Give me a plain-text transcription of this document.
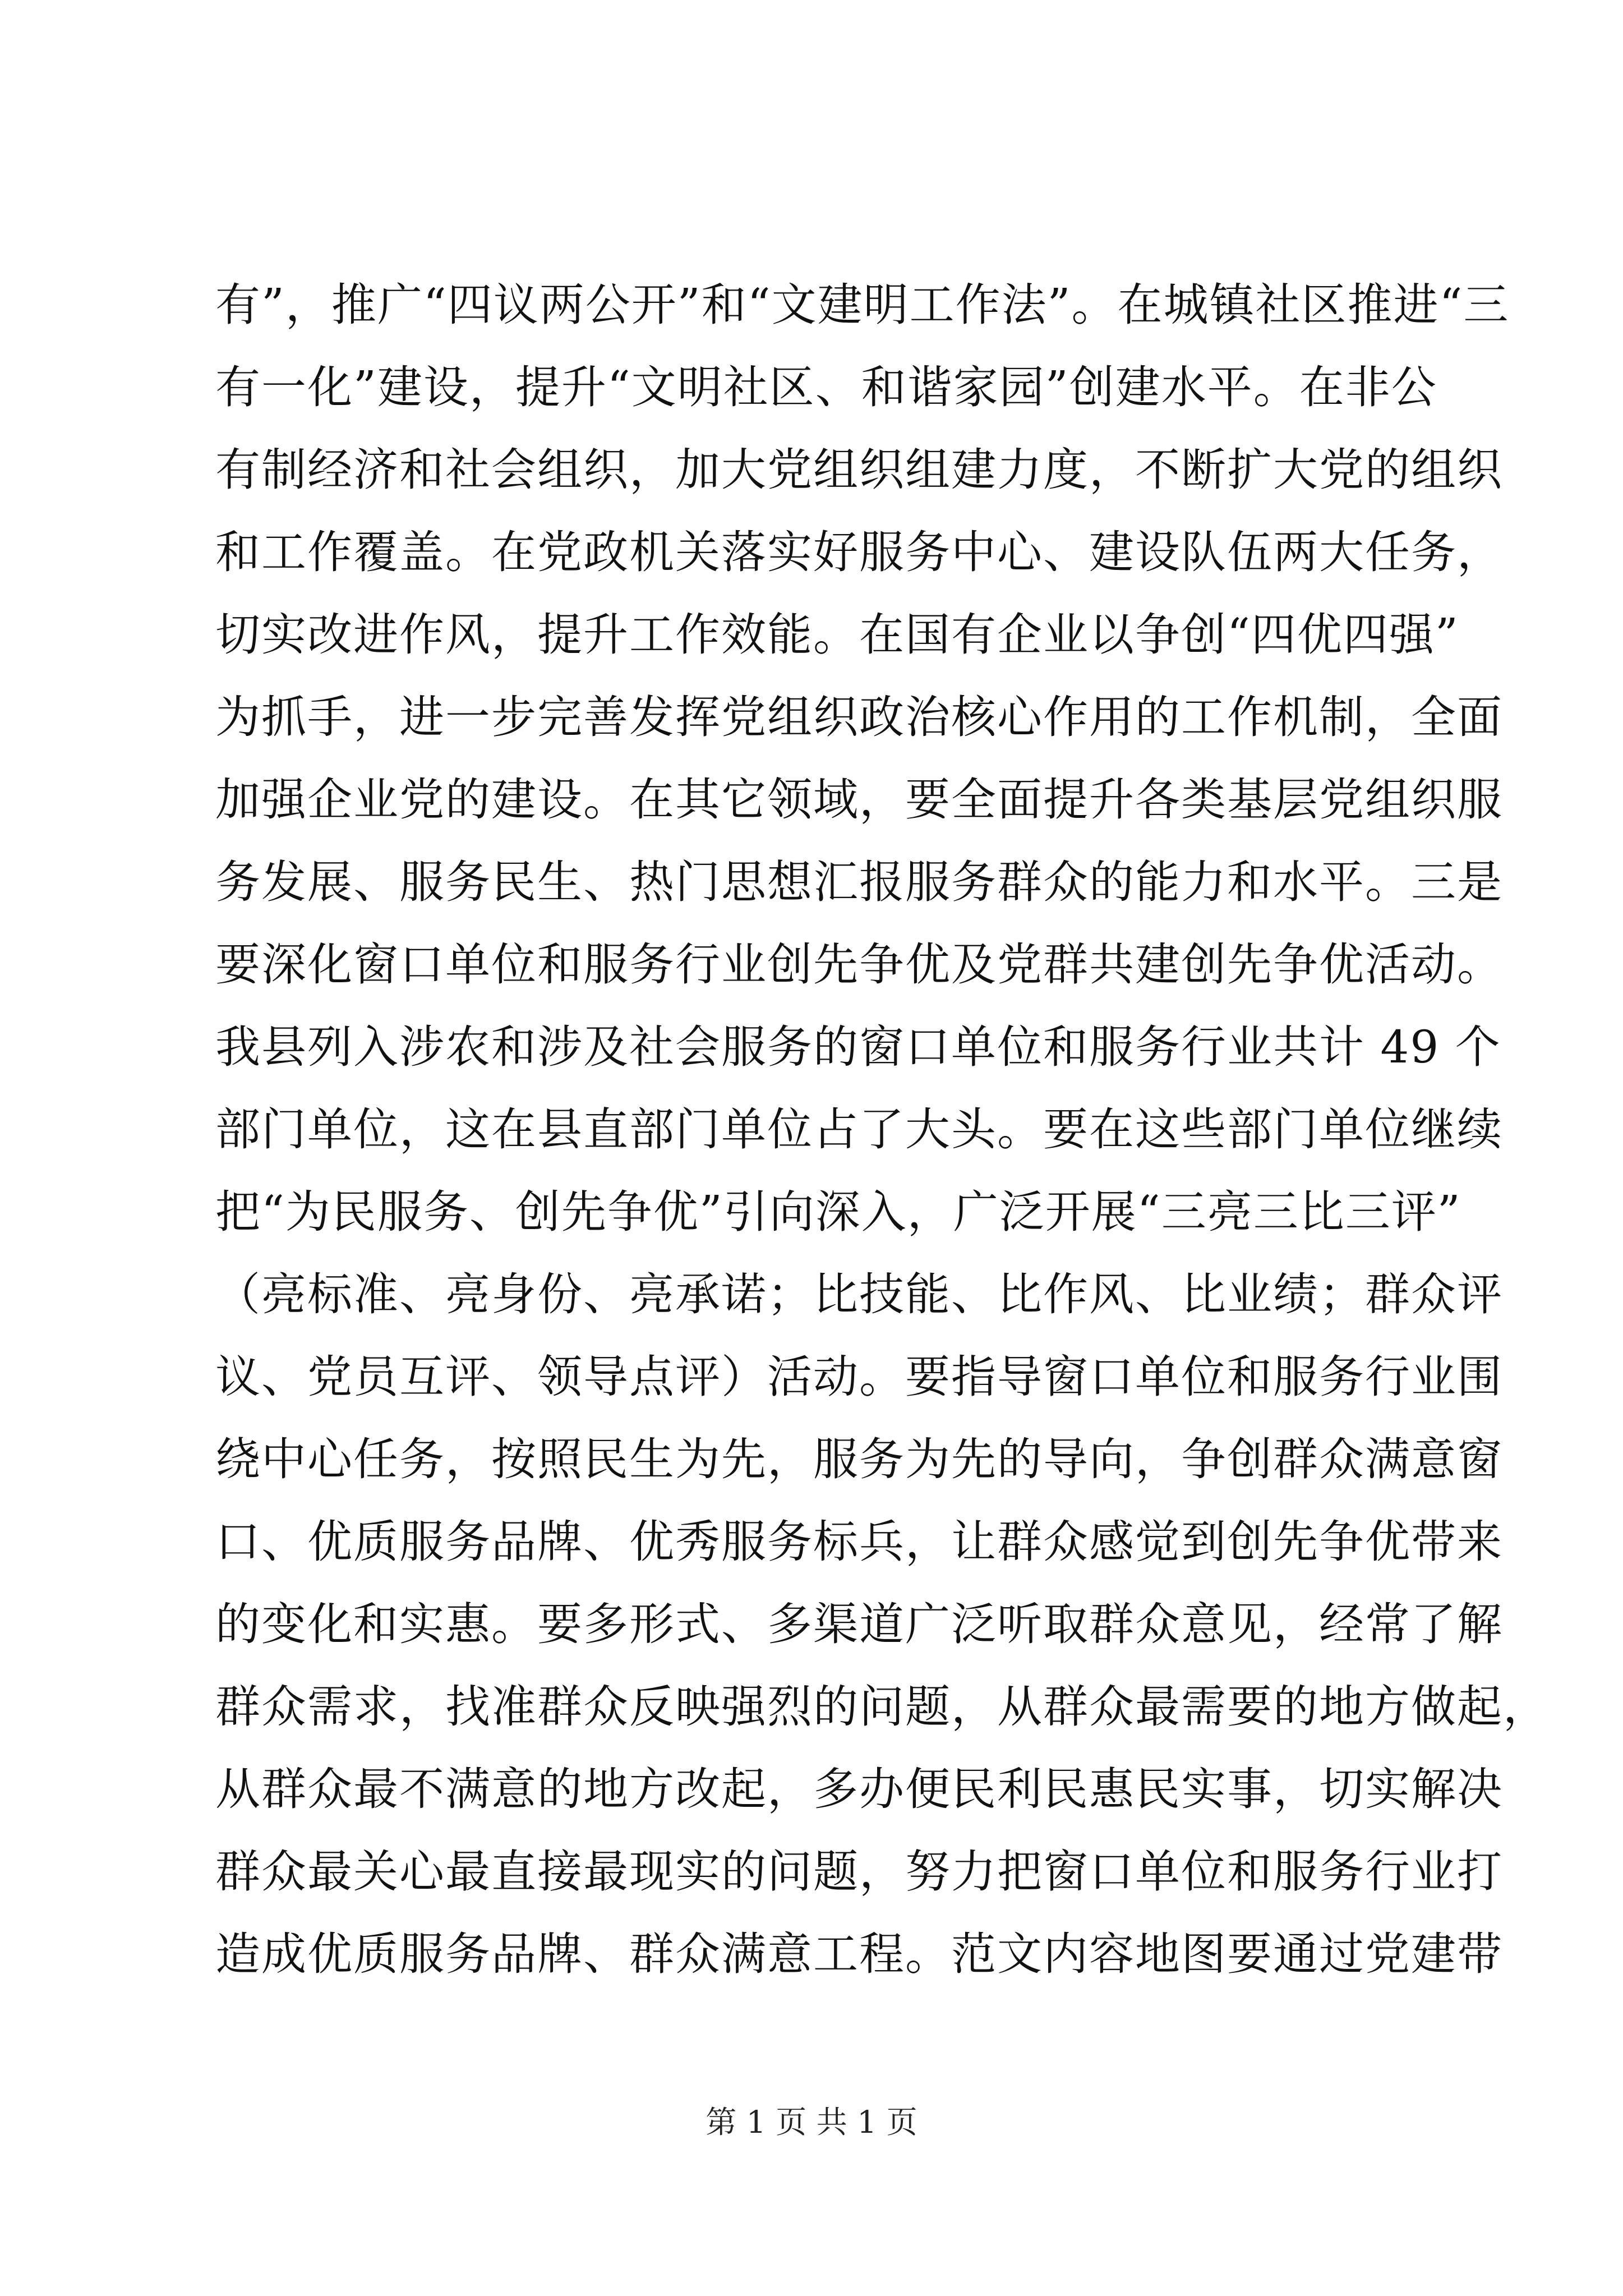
有”，推广“四议两公开”和“文建明工作法”。在城镇社区推进“三
有一化”建设，提升“文明社区、和谐家园”创建水平。在非公
有制经济和社会组织，加大党组织组建力度，不断扩大党的组织
和工作覆盖。在党政机关落实好服务中心、建设队伍两大任务，
切实改进作风，提升工作效能。在国有企业以争创“四优四强”
为抓手，进一步完善发挥党组织政治核心作用的工作机制，全面
加强企业党的建设。在其它领域，要全面提升各类基层党组织服
务发展、服务民生、热门思想汇报服务群众的能力和水平。三是
要深化窗口单位和服务行业创先争优及党群共建创先争优活动。
我县列入涉农和涉及社会服务的窗口单位和服务行业共计 49 个
部门单位，这在县直部门单位占了大头。要在这些部门单位继续
把“为民服务、创先争优”引向深入，广泛开展“三亮三比三评”
（亮标准、亮身份、亮承诺；比技能、比作风、比业绩；群众评
议、党员互评、领导点评）活动。要指导窗口单位和服务行业围
绕中心任务，按照民生为先，服务为先的导向，争创群众满意窗
口、优质服务品牌、优秀服务标兵，让群众感觉到创先争优带来
的变化和实惠。要多形式、多渠道广泛听取群众意见，经常了解
群众需求，找准群众反映强烈的问题，从群众最需要的地方做起，
从群众最不满意的地方改起，多办便民利民惠民实事，切实解决
群众最关心最直接最现实的问题，努力把窗口单位和服务行业打
造成优质服务品牌、群众满意工程。范文内容地图要通过党建带
第 1 页 共 1 页
